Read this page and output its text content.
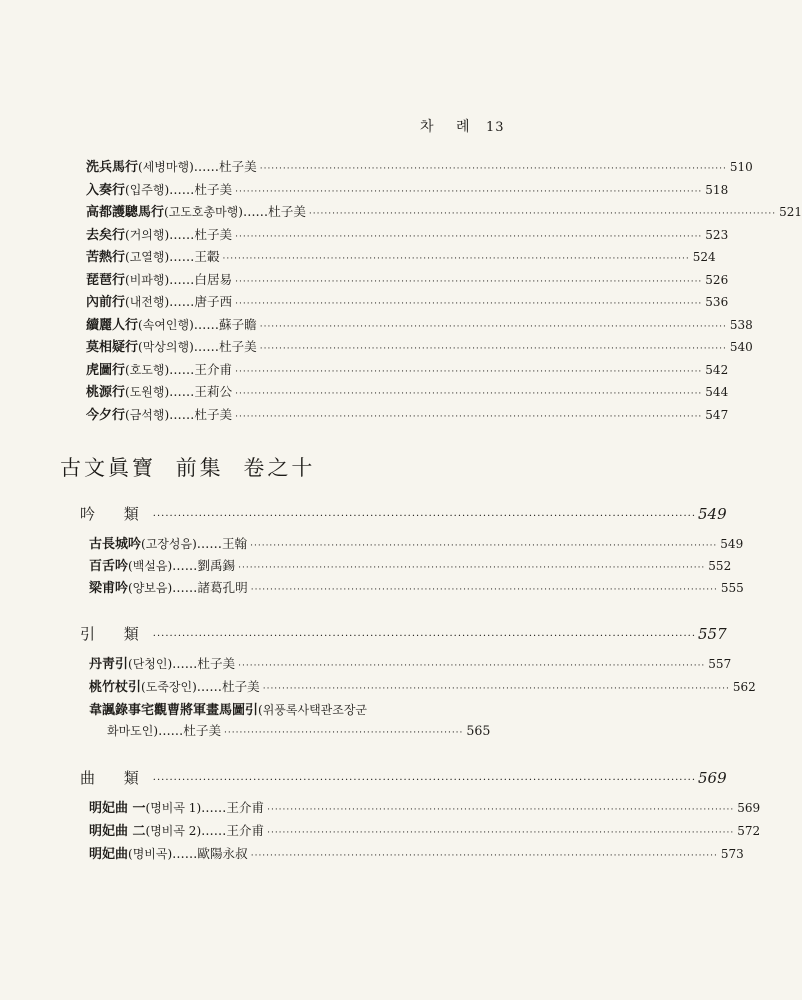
차 례 13
洗兵馬行 (세병마행) ……杜子美 ·····	510
入奏行 (입주행) ……杜子美 ·····	518
高都護驄馬行 (고도호총마행) ……杜子美 ·····	521
去矣行 (거의행) ……杜子美 ·····	523
苦熱行 (고열행) ……王轂 ·····	524
琵琶行 (비파행) ……白居易 ·····	526
內前行 (내전행) ……唐子西 ·····	536
續麗人行 (속여인행) ……蘇子瞻 ·····	538
莫相疑行 (막상의행) ……杜子美 ·····	540
虎圖行 (호도행) ……王介甫 ·····	542
桃源行 (도원행) ……王莉公 ·····	544
今夕行 (금석행) ……杜子美 ·····	547
古文眞寶 前集 卷之十
吟 類 ·····	549
古長城吟 (고장성음) ……王翰 ·····	549
百舌吟 (백설음) ……劉禹錫 ·····	552
梁甫吟 (양보음) ……諸葛孔明 ·····	555
引 類 ·····	557
丹靑引 (단청인) ……杜子美 ·····	557
桃竹杖引 (도죽장인) ……杜子美 ·····	562
韋諷錄事宅觀曹將軍畫馬圖引 (위풍록사택관조장군
화마도인) ……杜子美 ······························································ 565
曲 類 ·····	569
明妃曲 一 (명비곡 1) ……王介甫 ·····	569
明妃曲 二 (명비곡 2) ……王介甫 ·····	572
明妃曲 (명비곡) ……歐陽永叔 ·····	573
